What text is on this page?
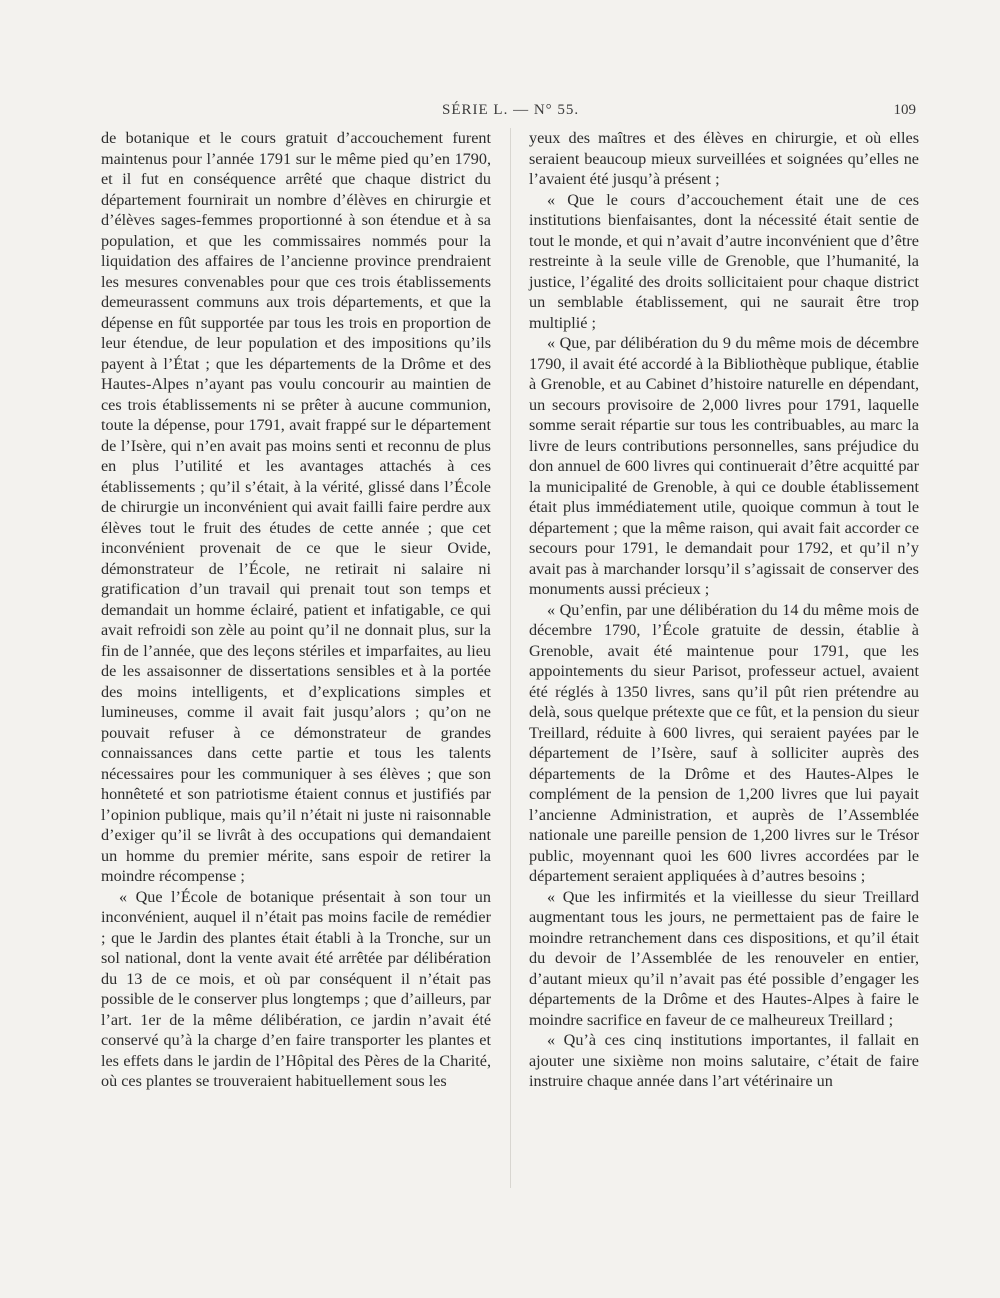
SÉRIE L. — N° 55.	109

de botanique et le cours gratuit d’accouchement furent maintenus pour l’année 1791 sur le même pied qu’en 1790, et il fut en conséquence arrêté que chaque district du département fournirait un nombre d’élèves en chirurgie et d’élèves sages-femmes proportionné à son étendue et à sa population, et que les commissaires nommés pour la liquidation des affaires de l’ancienne province prendraient les mesures convenables pour que ces trois établissements demeurassent communs aux trois départements, et que la dépense en fût supportée par tous les trois en proportion de leur étendue, de leur population et des impositions qu’ils payent à l’État ; que les départements de la Drôme et des Hautes-Alpes n’ayant pas voulu concourir au maintien de ces trois établissements ni se prêter à aucune communion, toute la dépense, pour 1791, avait frappé sur le département de l’Isère, qui n’en avait pas moins senti et reconnu de plus en plus l’utilité et les avantages attachés à ces établissements ; qu’il s’était, à la vérité, glissé dans l’École de chirurgie un inconvénient qui avait failli faire perdre aux élèves tout le fruit des études de cette année ; que cet inconvénient provenait de ce que le sieur Ovide, démonstrateur de l’École, ne retirait ni salaire ni gratification d’un travail qui prenait tout son temps et demandait un homme éclairé, patient et infatigable, ce qui avait refroidi son zèle au point qu’il ne donnait plus, sur la fin de l’année, que des leçons stériles et imparfaites, au lieu de les assaisonner de dissertations sensibles et à la portée des moins intelligents, et d’explications simples et lumineuses, comme il avait fait jusqu’alors ; qu’on ne pouvait refuser à ce démonstrateur de grandes connaissances dans cette partie et tous les talents nécessaires pour les communiquer à ses élèves ; que son honnêteté et son patriotisme étaient connus et justifiés par l’opinion publique, mais qu’il n’était ni juste ni raisonnable d’exiger qu’il se livrât à des occupations qui demandaient un homme du premier mérite, sans espoir de retirer la moindre récompense ;

« Que l’École de botanique présentait à son tour un inconvénient, auquel il n’était pas moins facile de remédier ; que le Jardin des plantes était établi à la Tronche, sur un sol national, dont la vente avait été arrêtée par délibération du 13 de ce mois, et où par conséquent il n’était pas possible de le conserver plus longtemps ; que d’ailleurs, par l’art. 1er de la même délibération, ce jardin n’avait été conservé qu’à la charge d’en faire transporter les plantes et les effets dans le jardin de l’Hôpital des Pères de la Charité, où ces plantes se trouveraient habituellement sous les

yeux des maîtres et des élèves en chirurgie, et où elles seraient beaucoup mieux surveillées et soignées qu’elles ne l’avaient été jusqu’à présent ;

« Que le cours d’accouchement était une de ces institutions bienfaisantes, dont la nécessité était sentie de tout le monde, et qui n’avait d’autre inconvénient que d’être restreinte à la seule ville de Grenoble, que l’humanité, la justice, l’égalité des droits sollicitaient pour chaque district un semblable établissement, qui ne saurait être trop multiplié ;

« Que, par délibération du 9 du même mois de décembre 1790, il avait été accordé à la Bibliothèque publique, établie à Grenoble, et au Cabinet d’histoire naturelle en dépendant, un secours provisoire de 2,000 livres pour 1791, laquelle somme serait répartie sur tous les contribuables, au marc la livre de leurs contributions personnelles, sans préjudice du don annuel de 600 livres qui continuerait d’être acquitté par la municipalité de Grenoble, à qui ce double établissement était plus immédiatement utile, quoique commun à tout le département ; que la même raison, qui avait fait accorder ce secours pour 1791, le demandait pour 1792, et qu’il n’y avait pas à marchander lorsqu’il s’agissait de conserver des monuments aussi précieux ;

« Qu’enfin, par une délibération du 14 du même mois de décembre 1790, l’École gratuite de dessin, établie à Grenoble, avait été maintenue pour 1791, que les appointements du sieur Parisot, professeur actuel, avaient été réglés à 1350 livres, sans qu’il pût rien prétendre au delà, sous quelque prétexte que ce fût, et la pension du sieur Treillard, réduite à 600 livres, qui seraient payées par le département de l’Isère, sauf à solliciter auprès des départements de la Drôme et des Hautes-Alpes le complément de la pension de 1,200 livres que lui payait l’ancienne Administration, et auprès de l’Assemblée nationale une pareille pension de 1,200 livres sur le Trésor public, moyennant quoi les 600 livres accordées par le département seraient appliquées à d’autres besoins ;

« Que les infirmités et la vieillesse du sieur Treillard augmentant tous les jours, ne permettaient pas de faire le moindre retranchement dans ces dispositions, et qu’il était du devoir de l’Assemblée de les renouveler en entier, d’autant mieux qu’il n’avait pas été possible d’engager les départements de la Drôme et des Hautes-Alpes à faire le moindre sacrifice en faveur de ce malheureux Treillard ;

« Qu’à ces cinq institutions importantes, il fallait en ajouter une sixième non moins salutaire, c’était de faire instruire chaque année dans l’art vétérinaire un
